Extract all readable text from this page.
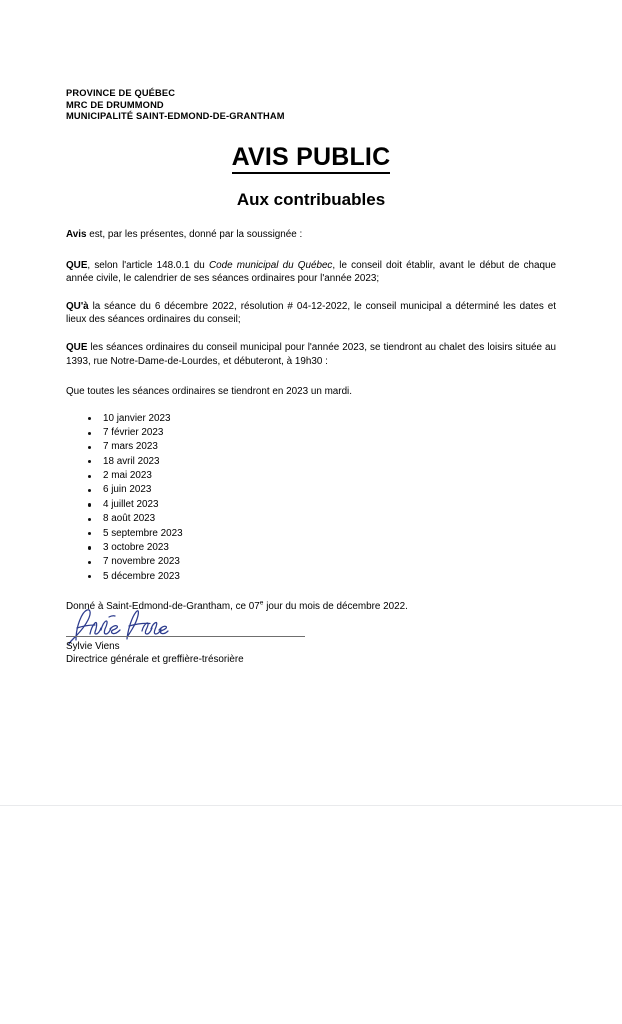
PROVINCE DE QUÉBEC
MRC DE DRUMMOND
MUNICIPALITÉ SAINT-EDMOND-DE-GRANTHAM
AVIS PUBLIC
Aux contribuables

Avis est, par les présentes, donné par la soussignée :

QUE, selon l'article 148.0.1 du Code municipal du Québec, le conseil doit établir, avant le début de chaque année civile, le calendrier de ses séances ordinaires pour l'année 2023;

QU'à la séance du 6 décembre 2022, résolution # 04-12-2022, le conseil municipal a déterminé les dates et lieux des séances ordinaires du conseil;

QUE les séances ordinaires du conseil municipal pour l'année 2023, se tiendront au chalet des loisirs située au 1393, rue Notre-Dame-de-Lourdes, et débuteront, à 19h30 :

Que toutes les séances ordinaires se tiendront en 2023 un mardi.

10 janvier 2023
7 février 2023
7 mars 2023
18 avril 2023
2 mai 2023
6 juin 2023
4 juillet 2023
8 août 2023
5 septembre 2023
3 octobre 2023
7 novembre 2023
5 décembre 2023

Donné à Saint-Edmond-de-Grantham, ce 07e jour du mois de décembre 2022.

Sylvie Viens
Directrice générale et greffière-trésorière
